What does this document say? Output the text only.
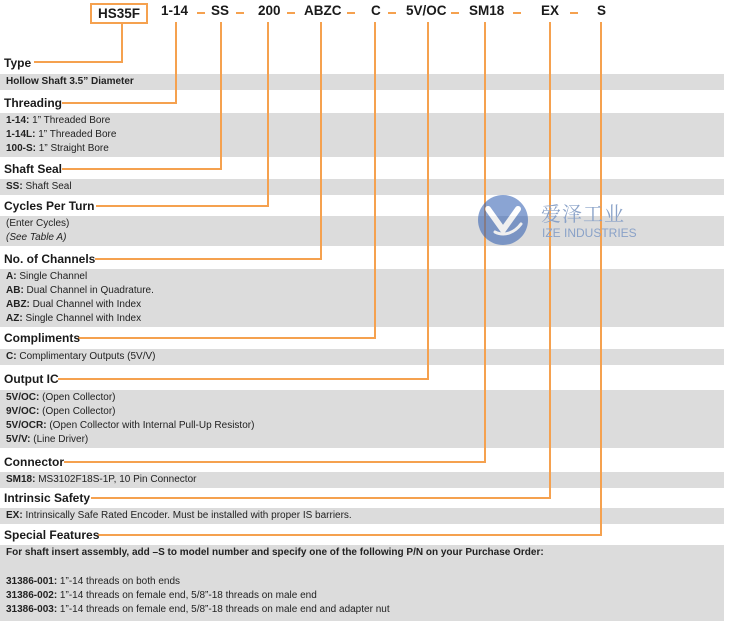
HS35F	1-14 SS 200 ABZC C 5V/OC SM18	EX	S
Type
Threading
Shaft Seal
Cycles Per Turn
No. of Channels
Compliments
Output IC
Connector
Intrinsic Safety
Special Features
Hollow Shaft 3.5” Diameter
1-14: 1” Threaded Bore
1-14L: 1” Threaded Bore
100-S: 1” Straight Bore
SS: Shaft Seal
(Enter Cycles)
(See Table A)
A: Single Channel
AB: Dual Channel in Quadrature.
ABZ: Dual Channel with Index
AZ: Single Channel with Index
C: Complimentary Outputs (5V/V)
5V/OC: (Open Collector)
9V/OC: (Open Collector)
5V/OCR: (Open Collector with Internal Pull-Up Resistor)
5V/V: (Line Driver)
SM18: MS3102F18S-1P, 10 Pin Connector
EX: Intrinsically Safe Rated Encoder. Must be installed with proper IS barriers.
For shaft insert assembly, add –S to model number and specify one of the following P/N on your Purchase Order:
31386-001: 1”-14 threads on both ends
31386-002: 1”-14 threads on female end, 5/8”-18 threads on male end
31386-003: 1”-14 threads on female end, 5/8”-18 threads on male end and adapter nut
爱泽工业
IZE INDUSTRIES
